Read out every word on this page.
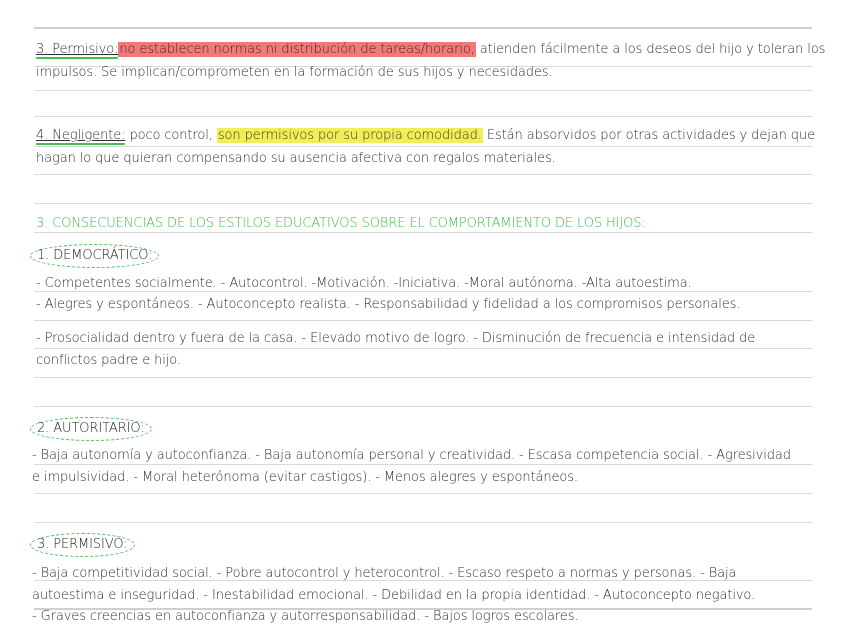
3. Permisivo:no establecen normas ni distribución de tareas/horario, atienden fácilmente a los deseos del hijo y toleran los
impulsos. Se implican/comprometen en la formación de sus hijos y necesidades.
4. Negligente: poco control, son permisivos por su propia comodidad. Están absorvidos por otras actividades y dejan que
hagan lo que quieran compensando su ausencia afectiva con regalos materiales.
3. CONSECUENCIAS DE LOS ESTILOS EDUCATIVOS SOBRE EL COMPORTAMIENTO DE LOS HIJOS:
1. DEMOCRÁTICO:
- Competentes socialmente. - Autocontrol. -Motivación. -Iniciativa. -Moral autónoma. -Alta autoestima.
- Alegres y espontáneos. - Autoconcepto realista. - Responsabilidad y fidelidad a los compromisos personales.
- Prosocialidad dentro y fuera de la casa. - Elevado motivo de logro. - Disminución de frecuencia e intensidad de
conflictos padre e hijo.
2. AUTORITARIO:
- Baja autonomía y autoconfianza. - Baja autonomía personal y creatividad. - Escasa competencia social. - Agresividad
e impulsividad. - Moral heterónoma (evitar castigos). - Menos alegres y espontáneos.
3. PERMISIVO:
- Baja competitividad social. - Pobre autocontrol y heterocontrol. - Escaso respeto a normas y personas. - Baja
autoestima e inseguridad. - Inestabilidad emocional. - Debilidad en la propia identidad. - Autoconcepto negativo.
- Graves creencias en autoconfianza y autorresponsabilidad. - Bajos logros escolares.
